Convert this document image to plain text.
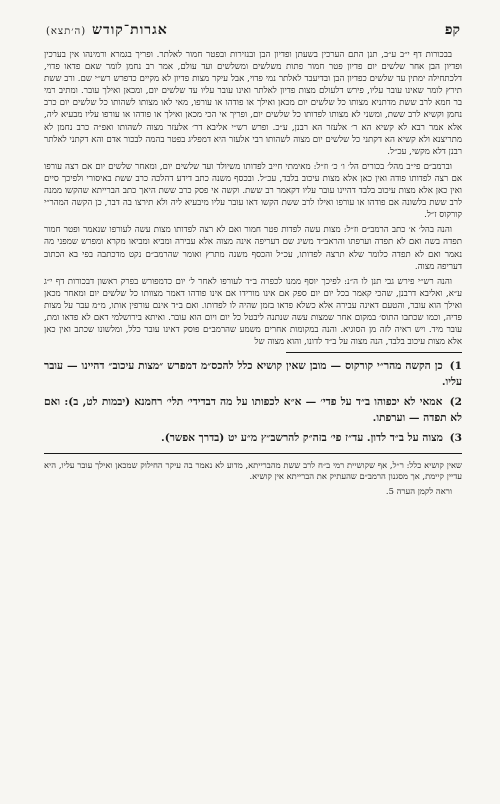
קפ
אגרות־קודש (ה׳תצא)

בבכורות דף י״ב ע״ב, תנן התם הערכין בשעתן ופדיון הבן ובנזירות ובפטר חמור לאלתר. ופריך בגמרא ורמינהו אין בערכין ופדיון הבן אחר שלשים יום פדיון פטר חמור פתות משלשים ומשלשים ועד עולם, אמר רב נחמן לומר שאם פדאו פדוי, דלכתחילה ימתין עד שלשים כפדיון הבן ובדיעבד לאלתר נמי פדוי, אבל עיקר מצות פדיון לא מקיים כדפרש רש״י שם. ורב ששת תירץ לומר שאינו עובר עליו, פירש דלעולם מצות פדיון לאלתר ואינו עובר עליו עד שלשים יום, ומכאן ואילך עובר. ומתיב רמי בר חמא לרב ששת מדתניא מצותו כל שלשים יום מכאן ואילך או פודהו או עורפו, מאי לאו מצותו לשהותו כל שלשים יום כרב נחמן וקשיא לרב ששת, ומשני לא מצותו לפדותו כל שלשים יום, ופריך אי הכי מכאן ואילך או פודהו או עורפו עליו מבעיא ליה, אלא אמר רבא לא קשיא הא ר׳ אלעזר הא רבנן, ע״כ. ופרש רש״י אליבא דר׳ אלעזר מצוה לשהותו ואפ״ה כרב נחמן לא מתריצנא ולא קשיא הא דקתני כל שלשים יום מצוה לשהותו רבי אלעזר היא דמפליג בפטר בהמה לבכור אדם והא דקתני לאלתר רבנן דלא מקשי, עכ״ל.

וברמב״ם פי״ב מהל׳ בכורים הל׳ ו׳ כ׳ וז״ל: מאימתי חייב לפדותו משיולד ועד שלשים יום, ומאחר שלשים יום אם רצה עורפו אם רצה לפדותו פודה ואין כאן אלא מצות עיכוב בלבד, עכ״ל. ובכסף משנה כתב דידע דהלכה כרב ששת באיסורי ולפיכך סיים ואין כאן אלא מצות עיכוב בלבד דהיינו עובר עליו דקאמר רב ששת. וקשה אי פסק כרב ששת היאך כתב הברייתא שהקשו ממנה לרב ששת בלשונה אם פודהו או עורפו ואילו לרב ששת הקשו דאו עובר עליו מיבעיא ליה ולא תירצו בה דבר, כן הקשה המהר״י קורקוס ז״ל.

והנה בהל׳ א׳ כתב הרמב״ם וז״ל: מצות עשה לפדות פטר חמור ואם לא רצה לפדותו מצות עשה לעורפו שנאמר ופטר חמור תפדה בשה ואם לא תפדה וערפתו והראב״ד משיג שם דעריפה אינה מצוה אלא עבירה ומביא ומביאו מקרא ומפרש שמפני מה נאמר ואם לא תפדה כלומר שלא תרצה לפדותו, עכ״ל והכסף משנה מתרץ ואומר שהרמב״ם נקט מדכתבה בפי בא הכתוב דעריפה מצוה.

והנה רש״י פירש גבי תנן לו ה״נ: לפיכך יוסף ממנו לכפרה ב״ד לעורפו לאחר ל׳ יום כדמפורש בפרק ראשון דבכורות דף י״ג ע״א, ואליבא דרבנן, שהכי קאמר בכל יום יום ספק אם אינו מורידו אם אינו פודהו דאמר מצוותו כל שלשים יום ומאחר מכאן ואילך הוא עובר, והטעם דאינה עבירה אלא כשלא פדאו בזמן שהיה לו לפדותו. ואם ב״ד אינם עורפין אותו, מ״מ עבר על מצות פדיה, וכמו שכתבו התוס׳ במקום אחר שמצות עשה שנתנה ליבטל כל יום ויום הוא עובר. ואיתא בירושלמי דאם לא פדאו ומת, עובר מיד. ויש ראיה לזה מן הסוגיא. והנה במקומות אחרים משמע שהרמב״ם פוסק דאינו עובר כלל, ומלשונו שכתב ואין כאן אלא מצות עיכוב בלבד, הנה מצוה על ב״ד לדונו, והוא מצוה של

1) כן הקשה מהר״י קורקוס — מובן שאין קושיא כלל להכס״מ דמפרש ״מצות עיכוב״ דהיינו — עובר עליו.
2) אמאי לא יכפוהו ב״ד על פדי׳ — א״א לכפותו על מה דבדידי׳ תלי׳ רחמנא (יבמות לט, ב): ואם לא תפדה — וערפתו.
3) מצוה על ב״ד לדון. עד״ז פי׳ בזה״ק להרשב״ץ מ״ע יט (בדרך אפשר).

שאין קושיא כלל: ר״ל, אף שקושיית רמי ב״ח לרב ששת מהברייתא, מדוע לא נאמר בה עיקר החילוק שמכאן ואילך עובר עליו, היא עדיין קיימת, אך מסגנון הרמב״ם שהעתיק את הברייתא אין קושיא.

וראה לקמן הערה 5.
